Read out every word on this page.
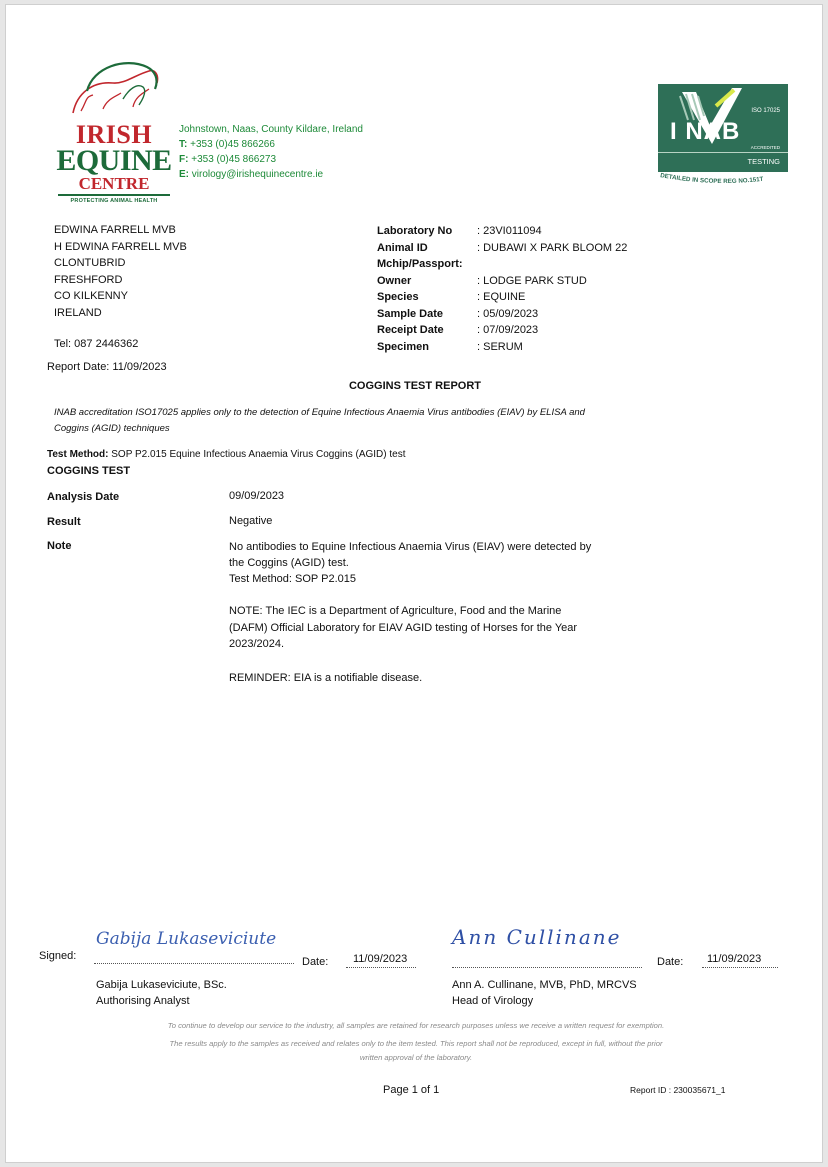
IRISH
EQUINE
CENTRE
PROTECTING ANIMAL HEALTH
Johnstown, Naas, County Kildare, Ireland
T: +353 (0)45 866266
F: +353 (0)45 866273
E: virology@irishequinecentre.ie
ISO 17025
I NAB
ACCREDITED
TESTING
DETAILED IN SCOPE REG NO.151T
EDWINA FARRELL MVB
H EDWINA FARRELL MVB
CLONTUBRID
FRESHFORD
CO KILKENNY
IRELAND
Tel: 087 2446362
Report Date: 11/09/2023
Laboratory No : 23VI011094
Animal ID	: DUBAWI X PARK BLOOM 22
Mchip/Passport:
Owner	: LODGE PARK STUD
Species	: EQUINE
Sample Date	: 05/09/2023
Receipt Date	: 07/09/2023
Specimen	: SERUM
COGGINS TEST REPORT
INAB accreditation ISO17025 applies only to the detection of Equine Infectious Anaemia Virus antibodies (EIAV) by ELISA and
Coggins (AGID) techniques
Test Method: SOP P2.015 Equine Infectious Anaemia Virus Coggins (AGID) test
COGGINS TEST
Analysis Date	09/09/2023
Result	Negative
Note	No antibodies to Equine Infectious Anaemia Virus (EIAV) were detected by
the Coggins (AGID) test.
Test Method: SOP P2.015
NOTE: The IEC is a Department of Agriculture, Food and the Marine
(DAFM) Official Laboratory for EIAV AGID testing of Horses for the Year
2023/2024.
REMINDER: EIA is a notifiable disease.
Signed:
Gabija Lukaseviciute
Date: 11/09/2023
Ann Cullinane
Date: 11/09/2023
Gabija Lukaseviciute, BSc.
Authorising Analyst
Ann A. Cullinane, MVB, PhD, MRCVS
Head of Virology
To continue to develop our service to the industry, all samples are retained for research purposes unless we receive a written request for exemption.
The results apply to the samples as received and relates only to the item tested. This report shall not be reproduced, except in full, without the prior
written approval of the laboratory.
Page 1 of 1	Report ID : 230035671_1
